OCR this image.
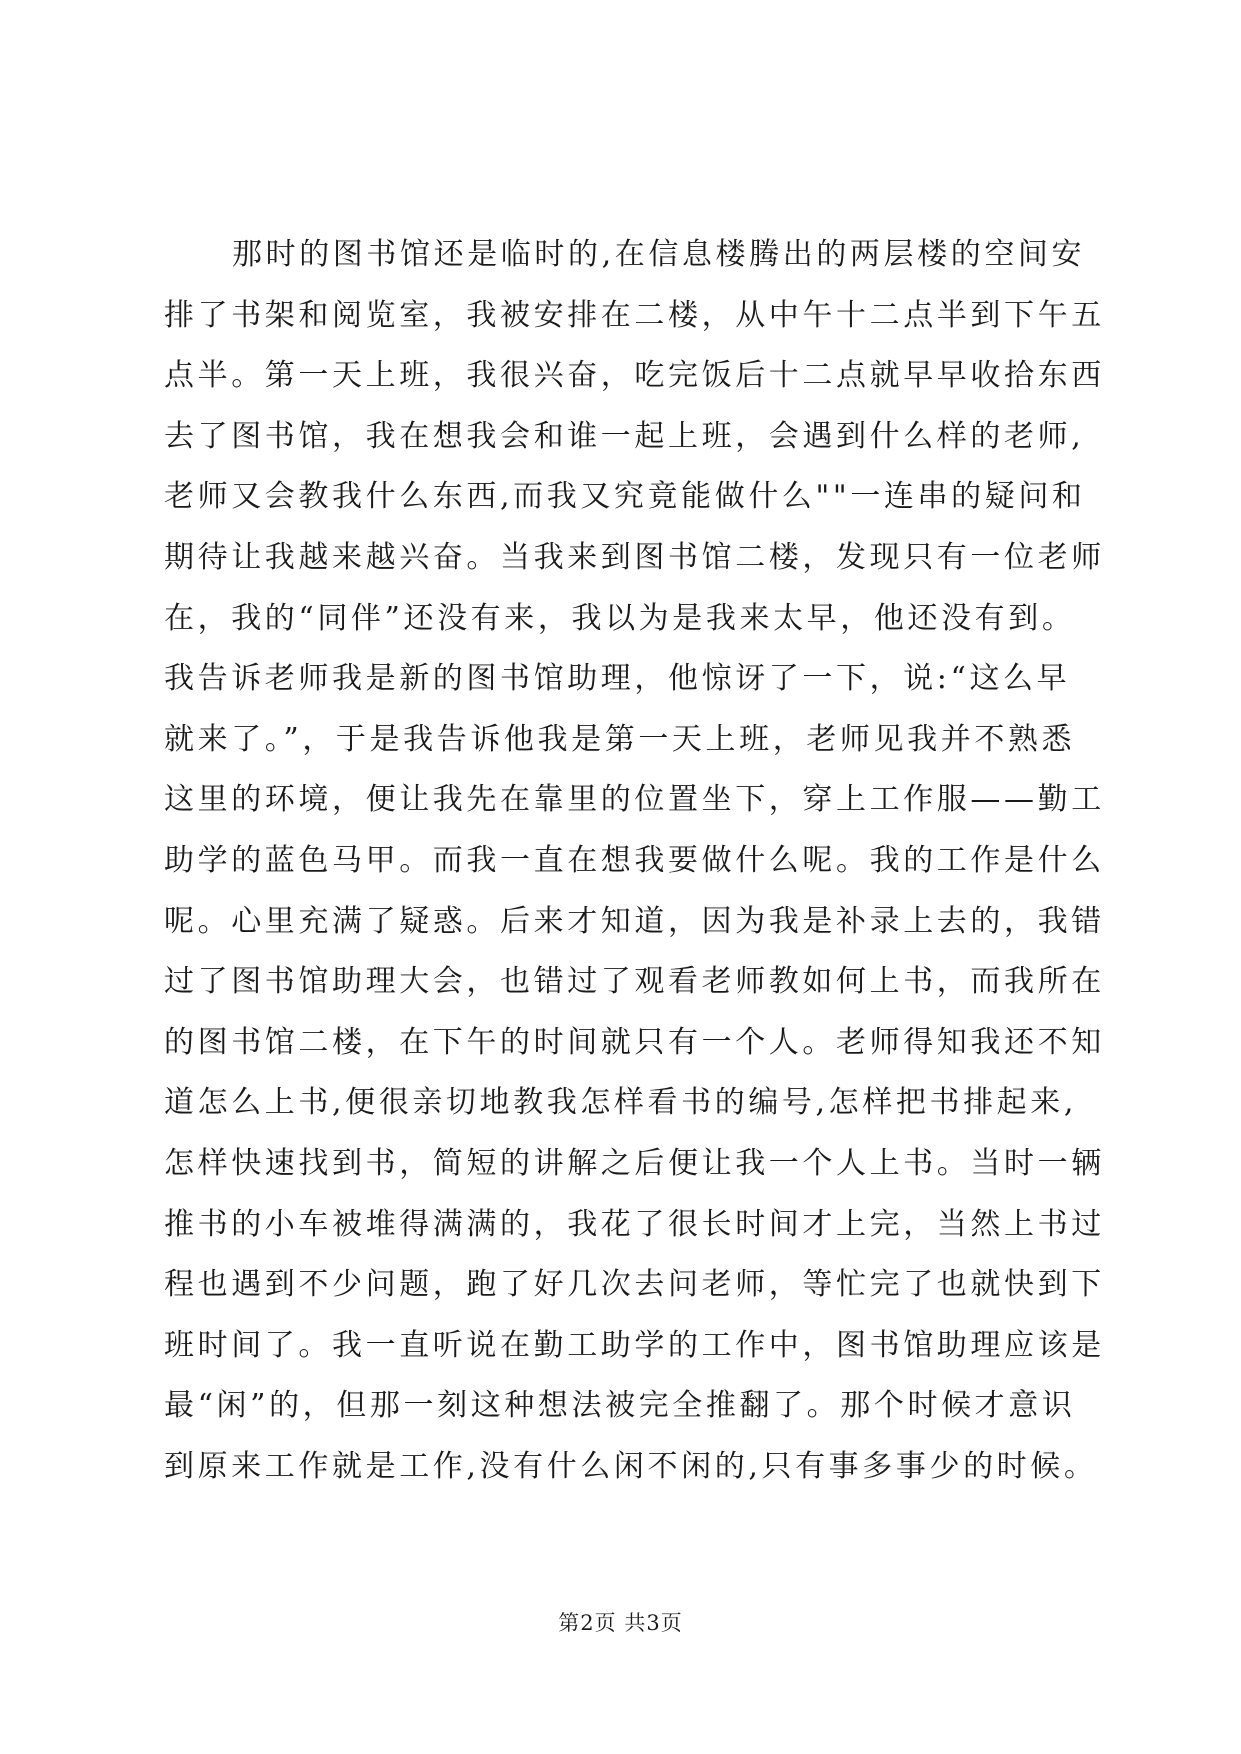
那时的图书馆还是临时的,在信息楼腾出的两层楼的空间安
排了书架和阅览室，我被安排在二楼，从中午十二点半到下午五
点半。第一天上班，我很兴奋，吃完饭后十二点就早早收拾东西
去了图书馆，我在想我会和谁一起上班，会遇到什么样的老师,
老师又会教我什么东西,而我又究竟能做什么""一连串的疑问和
期待让我越来越兴奋。当我来到图书馆二楼，发现只有一位老师
在，我的“同伴”还没有来，我以为是我来太早，他还没有到。
我告诉老师我是新的图书馆助理，他惊讶了一下，说:“这么早
就来了。”，于是我告诉他我是第一天上班，老师见我并不熟悉
这里的环境，便让我先在靠里的位置坐下，穿上工作服——勤工
助学的蓝色马甲。而我一直在想我要做什么呢。我的工作是什么
呢。心里充满了疑惑。后来才知道，因为我是补录上去的，我错
过了图书馆助理大会，也错过了观看老师教如何上书，而我所在
的图书馆二楼，在下午的时间就只有一个人。老师得知我还不知
道怎么上书,便很亲切地教我怎样看书的编号,怎样把书排起来,
怎样快速找到书，简短的讲解之后便让我一个人上书。当时一辆
推书的小车被堆得满满的，我花了很长时间才上完，当然上书过
程也遇到不少问题，跑了好几次去问老师，等忙完了也就快到下
班时间了。我一直听说在勤工助学的工作中，图书馆助理应该是
最“闲”的，但那一刻这种想法被完全推翻了。那个时候才意识
到原来工作就是工作,没有什么闲不闲的,只有事多事少的时候。
第2页 共3页
